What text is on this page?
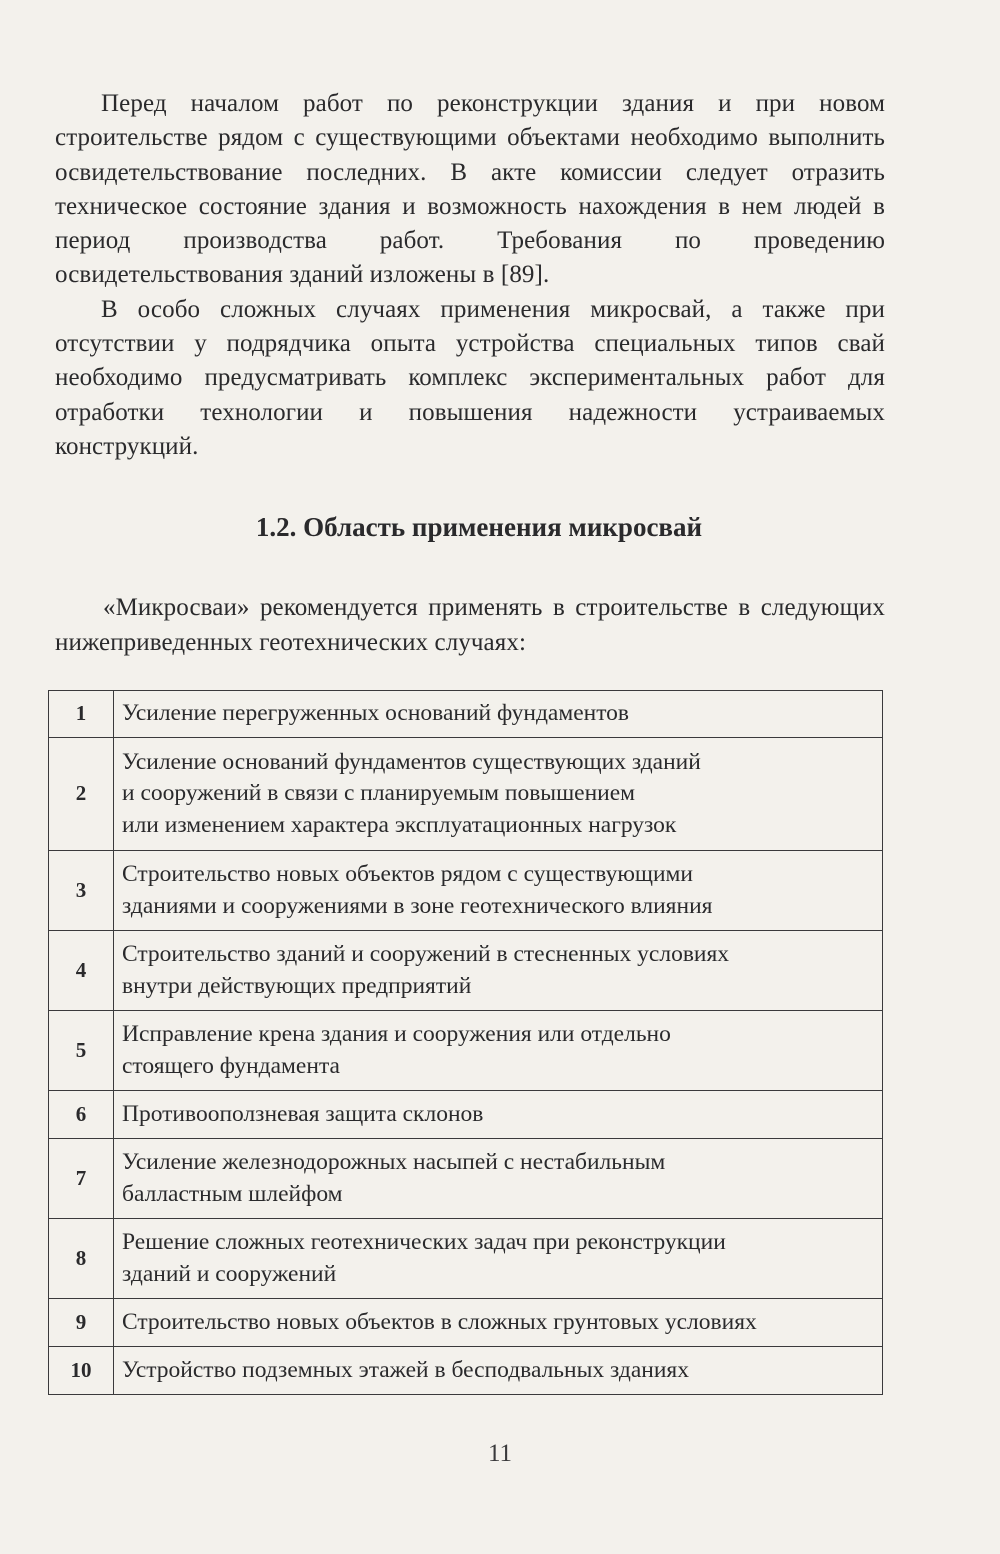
Перед началом работ по реконструкции здания и при новом строительстве рядом с существующими объектами необходимо выполнить освидетельствование последних. В акте комиссии следует отразить техническое состояние здания и возможность нахождения в нем людей в период производства работ. Требования по проведению освидетельствования зданий изложены в [89].

В особо сложных случаях применения микросвай, а также при отсутствии у подрядчика опыта устройства специальных типов свай необходимо предусматривать комплекс экспериментальных работ для отработки технологии и повышения надежности устраиваемых конструкций.

1.2. Область применения микросвай

«Микросваи» рекомендуется применять в строительстве в следующих нижеприведенных геотехнических случаях:

1	Усиление перегруженных оснований фундаментов

2	Усиление оснований фундаментов существующих зданий
и сооружений в связи с планируемым повышением
или изменением характера эксплуатационных нагрузок

3	Строительство новых объектов рядом с существующими
зданиями и сооружениями в зоне геотехнического влияния

4	Строительство зданий и сооружений в стесненных условиях
внутри действующих предприятий

5	Исправление крена здания и сооружения или отдельно
стоящего фундамента

6	Противооползневая защита склонов

7	Усиление железнодорожных насыпей с нестабильным
балластным шлейфом

8	Решение сложных геотехнических задач при реконструкции
зданий и сооружений

9	Строительство новых объектов в сложных грунтовых условиях

10	Устройство подземных этажей в бесподвальных зданиях
11
